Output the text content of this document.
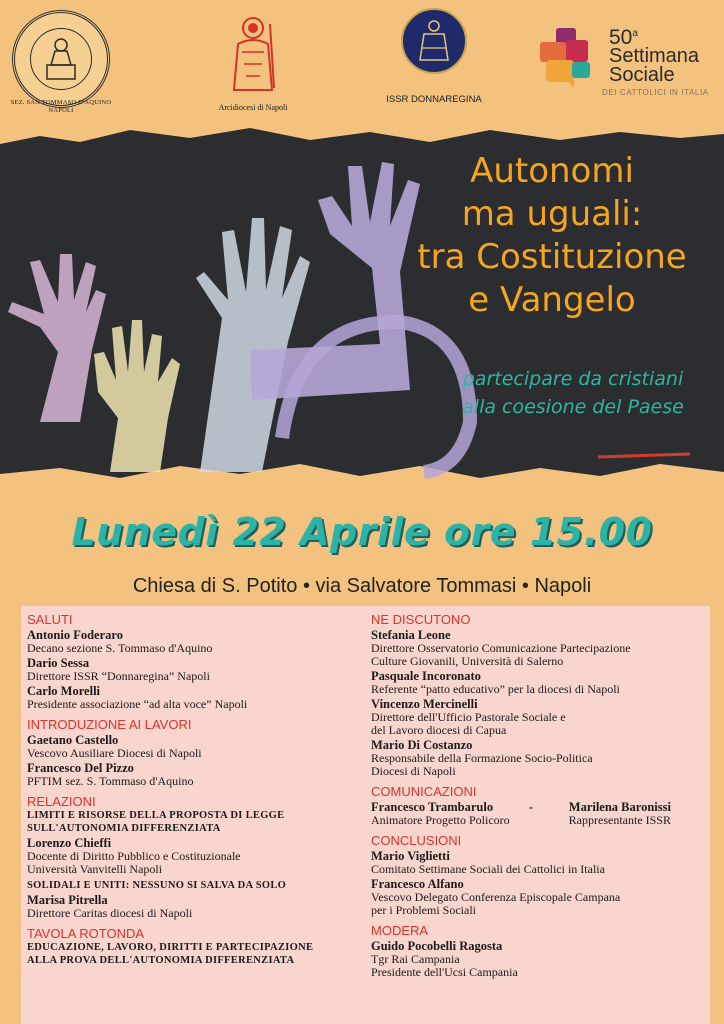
SEZ. SAN TOMMASO D'AQUINO
NAPOLI	Arcidiocesi di Napoli
ISSR DONNAREGINA
50$^a$
Settimana
Sociale
DEI CATTOLICI IN ITALIA
Autonomi
ma uguali:
tra Costituzione
e Vangelo
partecipare da cristiani
alla coesione del Paese
Lunedì 22 Aprile ore 15.00
Chiesa di S. Potito • via Salvatore Tommasi • Napoli
SALUTI
Antonio Foderaro
Decano sezione S. Tommaso d'Aquino
Dario Sessa
Direttore ISSR “Donnaregina” Napoli
Carlo Morelli
Presidente associazione “ad alta voce” Napoli
INTRODUZIONE AI LAVORI
Gaetano Castello
Vescovo Ausiliare Diocesi di Napoli
Francesco Del Pizzo
PFTIM sez. S. Tommaso d'Aquino
RELAZIONI
LIMITI E RISORSE DELLA PROPOSTA DI LEGGE
SULL'AUTONOMIA DIFFERENZIATA
Lorenzo Chieffi
Docente di Diritto Pubblico e Costituzionale
Università Vanvitelli Napoli
SOLIDALI E UNITI: NESSUNO SI SALVA DA SOLO
Marisa Pitrella
Direttore Caritas diocesi di Napoli
TAVOLA ROTONDA
EDUCAZIONE, LAVORO, DIRITTI E PARTECIPAZIONE
ALLA PROVA DELL'AUTONOMIA DIFFERENZIATA
NE DISCUTONO
Stefania Leone
Direttore Osservatorio Comunicazione Partecipazione
Culture Giovanili, Università di Salerno
Pasquale Incoronato
Referente “patto educativo” per la diocesi di Napoli
Vincenzo Mercinelli
Direttore dell'Ufficio Pastorale Sociale e
del Lavoro diocesi di Capua
Mario Di Costanzo
Responsabile della Formazione Socio-Politica
Diocesi di Napoli
COMUNICAZIONI
Francesco Trambarulo	-	Marilena Baronissi
Animatore Progetto Policoro	Rappresentante ISSR
CONCLUSIONI
Mario Viglietti
Comitato Settimane Sociali dei Cattolici in Italia
Francesco Alfano
Vescovo Delegato Conferenza Episcopale Campana
per i Problemi Sociali
MODERA
Guido Pocobelli Ragosta
Tgr Rai Campania
Presidente dell'Ucsi Campania
